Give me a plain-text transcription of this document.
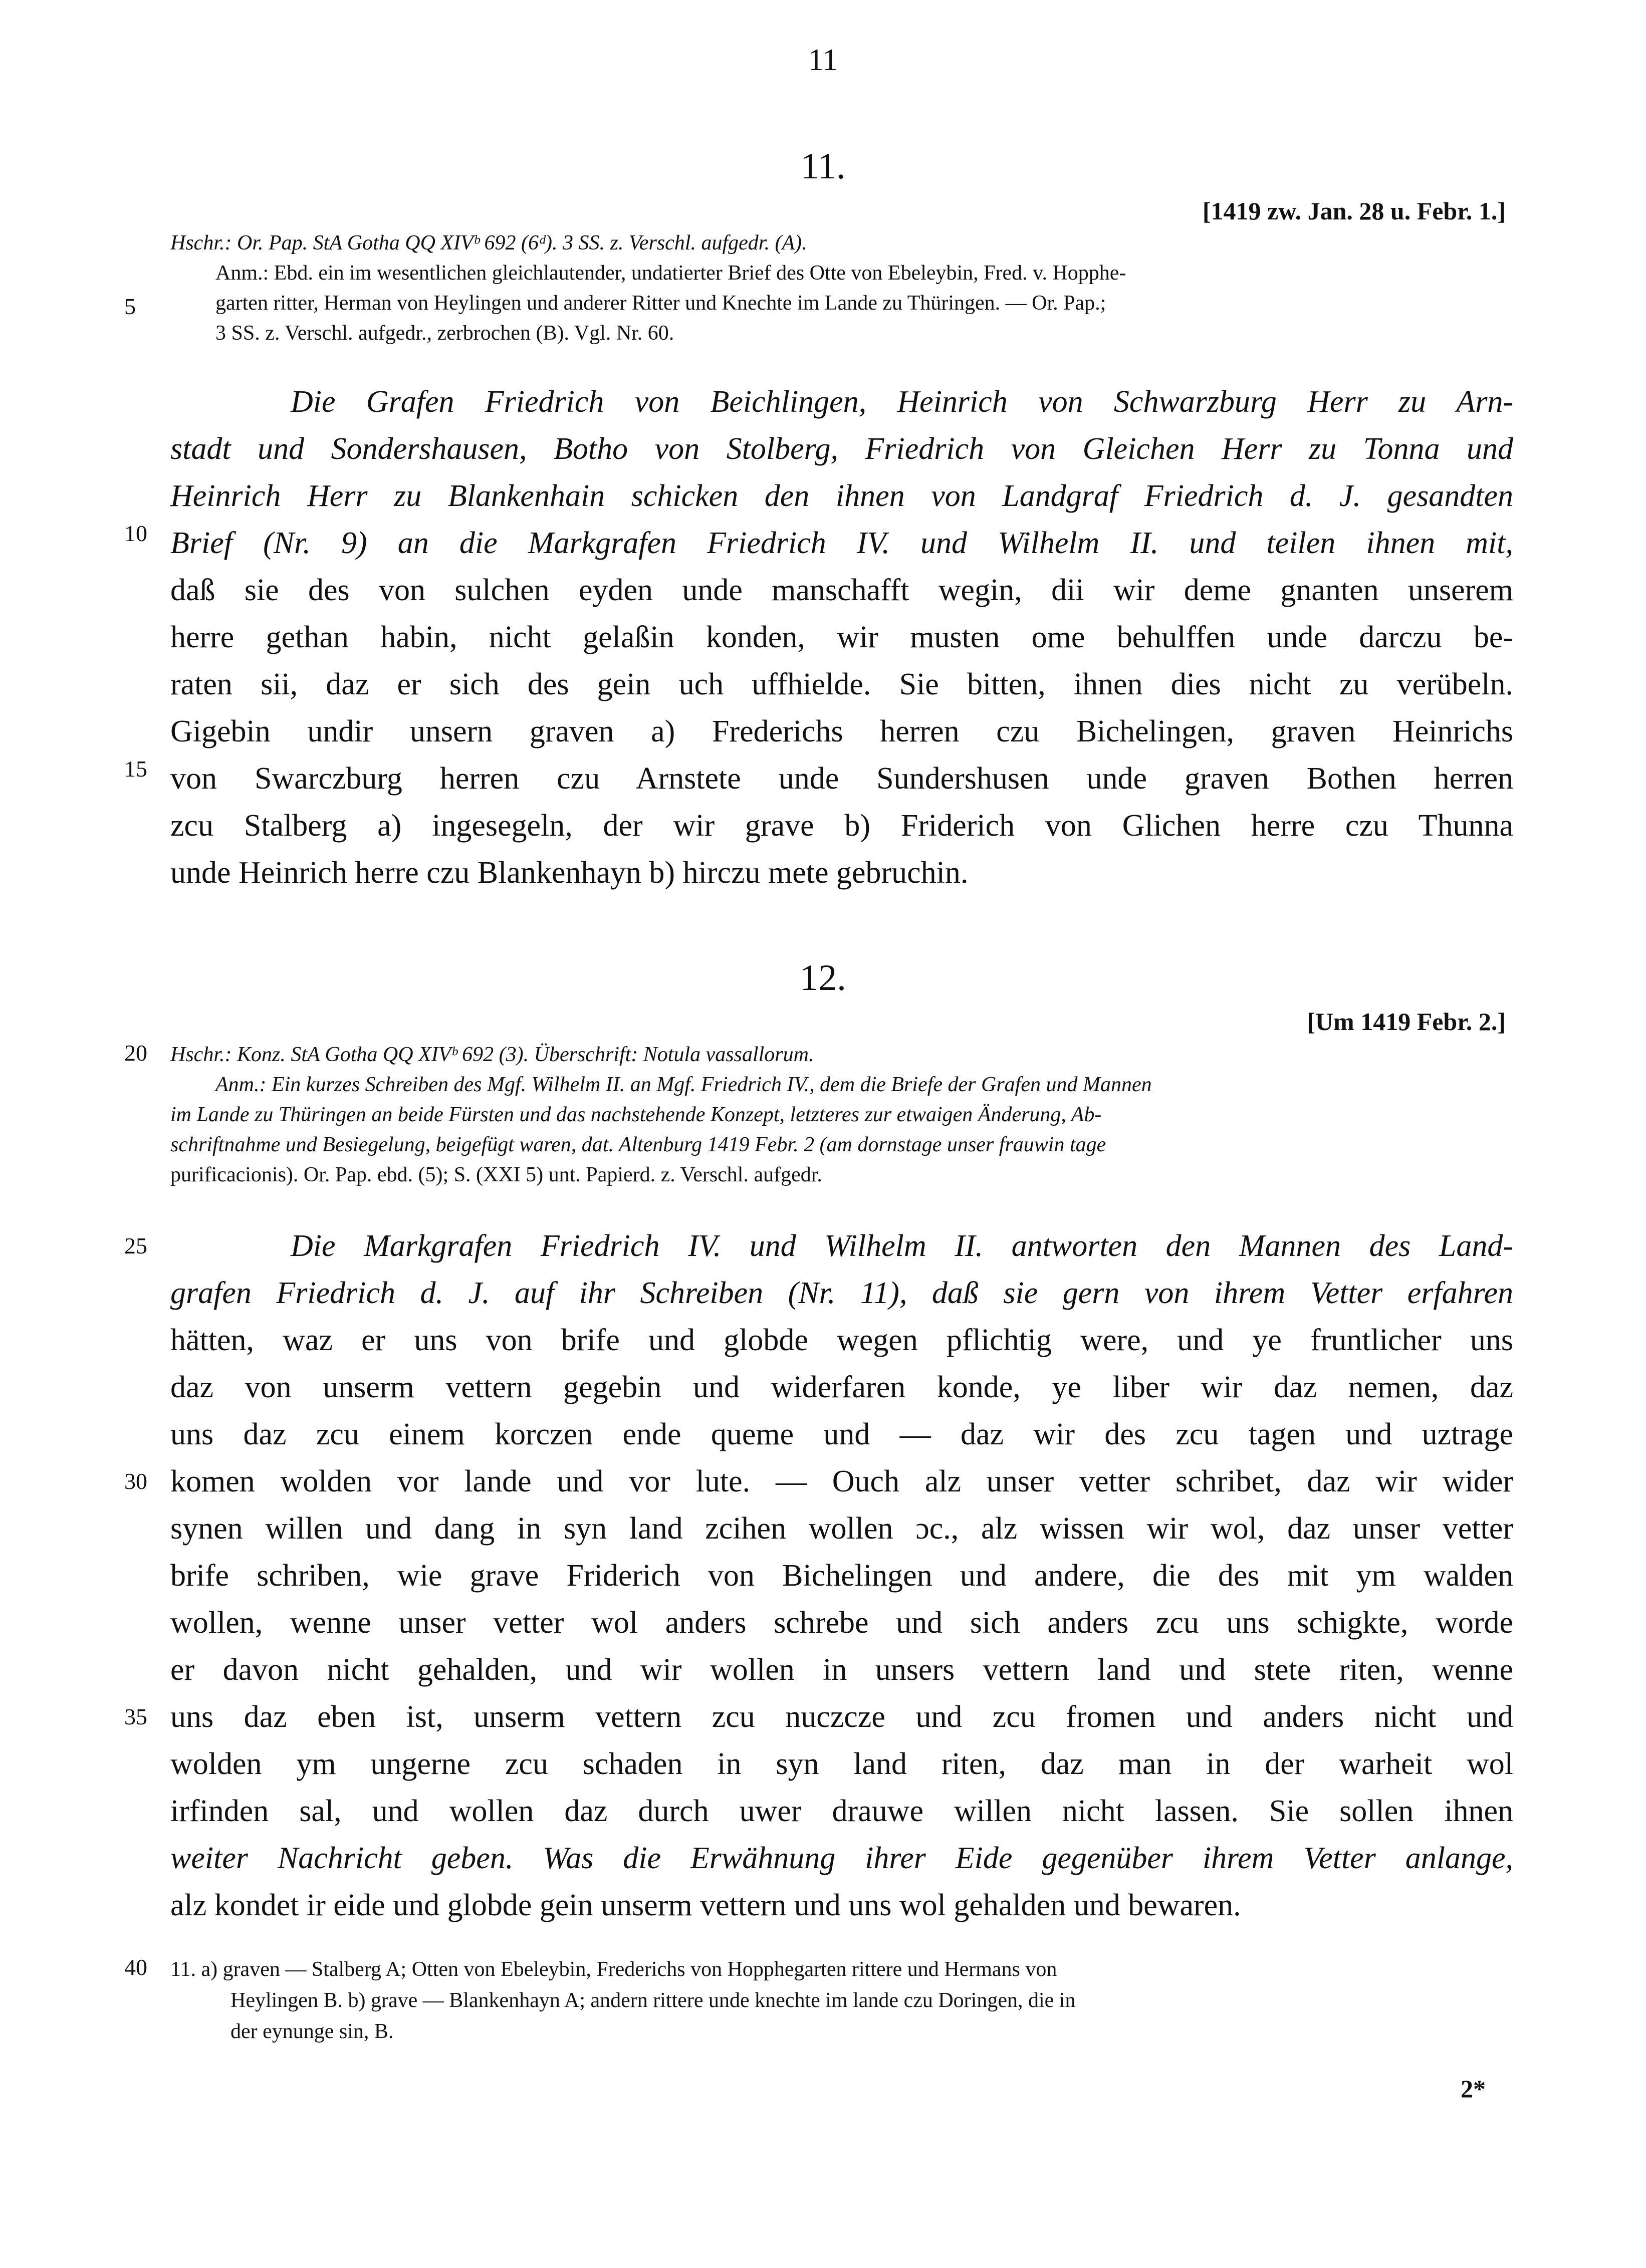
11
11.
[1419 zw. Jan. 28 u. Febr. 1.]
Hschr.: Or. Pap. StA Gotha QQ XIVᵇ 692 (6ᵈ). 3 SS. z. Verschl. aufgedr. (A).
Anm.: Ebd. ein im wesentlichen gleichlautender, undatierter Brief des Otte von Ebeleybin, Fred. v. Hopphe-
garten ritter, Herman von Heylingen und anderer Ritter und Knechte im Lande zu Thüringen. — Or. Pap.;
3 SS. z. Verschl. aufgedr., zerbrochen (B). Vgl. Nr. 60.
Die Grafen Friedrich von Beichlingen, Heinrich von Schwarzburg Herr zu Arn-
stadt und Sondershausen, Botho von Stolberg, Friedrich von Gleichen Herr zu Tonna und
Heinrich Herr zu Blankenhain schicken den ihnen von Landgraf Friedrich d. J. gesandten
Brief (Nr. 9) an die Markgrafen Friedrich IV. und Wilhelm II. und teilen ihnen mit,
daß sie des von sulchen eyden unde manschafft wegin, dii wir deme gnanten unserem
herre gethan habin, nicht gelaßin konden, wir musten ome behulffen unde darczu be-
raten sii, daz er sich des gein uch uffhielde. Sie bitten, ihnen dies nicht zu verübeln.
Gigebin undir unsern graven a) Frederichs herren czu Bichelingen, graven Heinrichs
von Swarczburg herren czu Arnstete unde Sundershusen unde graven Bothen herren
zcu Stalberg a) ingesegeln, der wir grave b) Friderich von Glichen herre czu Thunna
unde Heinrich herre czu Blankenhayn b) hirczu mete gebruchin.
12.
[Um 1419 Febr. 2.]
Hschr.: Konz. StA Gotha QQ XIVᵇ 692 (3). Überschrift: Notula vassallorum.
Anm.: Ein kurzes Schreiben des Mgf. Wilhelm II. an Mgf. Friedrich IV., dem die Briefe der Grafen und Mannen
im Lande zu Thüringen an beide Fürsten und das nachstehende Konzept, letzteres zur etwaigen Änderung, Ab-
schriftnahme und Besiegelung, beigefügt waren, dat. Altenburg 1419 Febr. 2 (am dornstage unser frauwin tage
purificacionis). Or. Pap. ebd. (5); S. (XXI 5) unt. Papierd. z. Verschl. aufgedr.
Die Markgrafen Friedrich IV. und Wilhelm II. antworten den Mannen des Land-
grafen Friedrich d. J. auf ihr Schreiben (Nr. 11), daß sie gern von ihrem Vetter erfahren
hätten, waz er uns von brife und globde wegen pflichtig were, und ye fruntlicher uns
daz von unserm vettern gegebin und widerfaren konde, ye liber wir daz nemen, daz
uns daz zcu einem korczen ende queme und — daz wir des zcu tagen und uztrage
komen wolden vor lande und vor lute. — Ouch alz unser vetter schribet, daz wir wider
synen willen und dang in syn land zcihen wollen ɔc., alz wissen wir wol, daz unser vetter
brife schriben, wie grave Friderich von Bichelingen und andere, die des mit ym walden
wollen, wenne unser vetter wol anders schrebe und sich anders zcu uns schigkte, worde
er davon nicht gehalden, und wir wollen in unsers vettern land und stete riten, wenne
uns daz eben ist, unserm vettern zcu nuczcze und zcu fromen und anders nicht und
wolden ym ungerne zcu schaden in syn land riten, daz man in der warheit wol
irfinden sal, und wollen daz durch uwer drauwe willen nicht lassen. Sie sollen ihnen
weiter Nachricht geben. Was die Erwähnung ihrer Eide gegenüber ihrem Vetter anlange,
alz kondet ir eide und globde gein unserm vettern und uns wol gehalden und bewaren.
11. a) graven — Stalberg A; Otten von Ebeleybin, Frederichs von Hopphegarten rittere und Hermans von
Heylingen B. b) grave — Blankenhayn A; andern rittere unde knechte im lande czu Doringen, die in
der eynunge sin, B.
5
10
15
20
25
30
35
40
2*
